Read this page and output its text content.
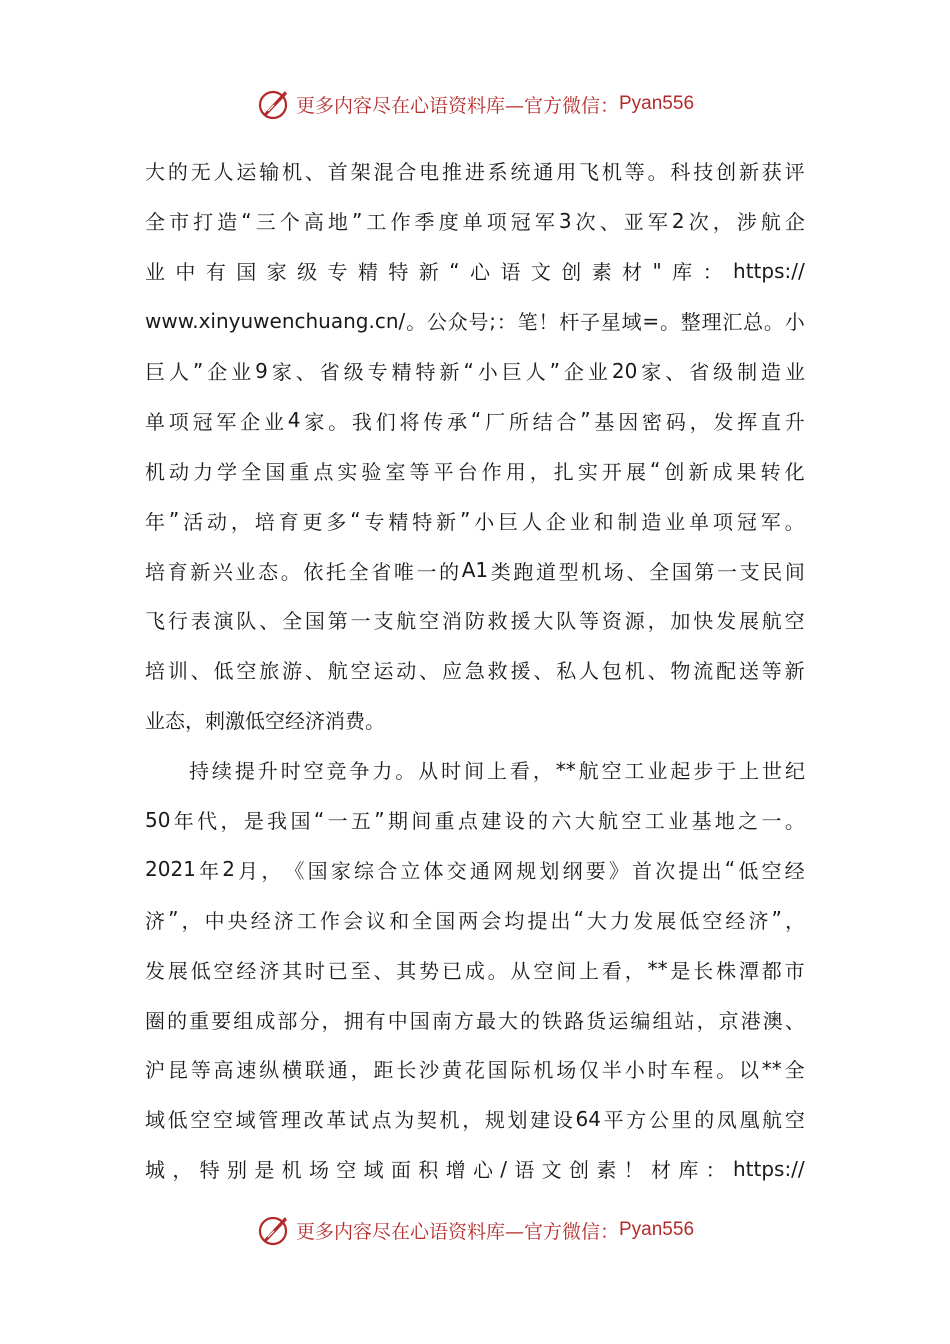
更多内容尽在心语资料库—官方微信： Pyan556
大 的 无 人 运 输 机 、 首 架 混 合 电 推 进 系 统 通 用 飞 机 等 。 科 技 创 新 获 评
全 市 打 造 “ 三 个 高 地 ” 工 作 季 度 单 项 冠 军 3 次 、 亚 军 2 次 ， 涉 航 企
业 中 有 国 家 级 专 精 特 新 “ 心 语 文 创 素 材 " 库 ： https://
www.xinyuwenchuang.cn/ 。 公 众 号 ; ： 笔 ！ 杆 子 星 域 = 。 整 理 汇 总 。 小
巨 人 ” 企 业 9 家 、 省 级 专 精 特 新 “ 小 巨 人 ” 企 业 20 家 、 省 级 制 造 业
单 项 冠 军 企 业 4 家 。 我 们 将 传 承 “ 厂 所 结 合 ” 基 因 密 码 ， 发 挥 直 升
机 动 力 学 全 国 重 点 实 验 室 等 平 台 作 用 ， 扎 实 开 展 “ 创 新 成 果 转 化
年 ” 活 动 ， 培 育 更 多 “ 专 精 特 新 ” 小 巨 人 企 业 和 制 造 业 单 项 冠 军 。
培 育 新 兴 业 态 。 依 托 全 省 唯 一 的 A1 类 跑 道 型 机 场 、 全 国 第 一 支 民 间
飞 行 表 演 队 、 全 国 第 一 支 航 空 消 防 救 援 大 队 等 资 源 ， 加 快 发 展 航 空
培 训 、 低 空 旅 游 、 航 空 运 动 、 应 急 救 援 、 私 人 包 机 、 物 流 配 送 等 新
业 态 ， 刺 激 低 空 经 济 消 费 。
持 续 提 升 时 空 竞 争 力 。 从 时 间 上 看 ， ** 航 空 工 业 起 步 于 上 世 纪
50 年 代 ， 是 我 国 “ 一 五 ” 期 间 重 点 建 设 的 六 大 航 空 工 业 基 地 之 一 。
2021 年 2 月 ， 《 国 家 综 合 立 体 交 通 网 规 划 纲 要 》 首 次 提 出 “ 低 空 经
济 ” ， 中 央 经 济 工 作 会 议 和 全 国 两 会 均 提 出 “ 大 力 发 展 低 空 经 济 ” ，
发 展 低 空 经 济 其 时 已 至 、 其 势 已 成 。 从 空 间 上 看 ， ** 是 长 株 潭 都 市
圈 的 重 要 组 成 部 分 ， 拥 有 中 国 南 方 最 大 的 铁 路 货 运 编 组 站 ， 京 港 澳 、
沪 昆 等 高 速 纵 横 联 通 ， 距 长 沙 黄 花 国 际 机 场 仅 半 小 时 车 程 。 以 ** 全
域 低 空 空 域 管 理 改 革 试 点 为 契 机 ， 规 划 建 设 64 平 方 公 里 的 凤 凰 航 空
城 ， 特 别 是 机 场 空 域 面 积 增 心 / 语 文 创 素 ！ 材 库 ： https://
更多内容尽在心语资料库—官方微信： Pyan556
